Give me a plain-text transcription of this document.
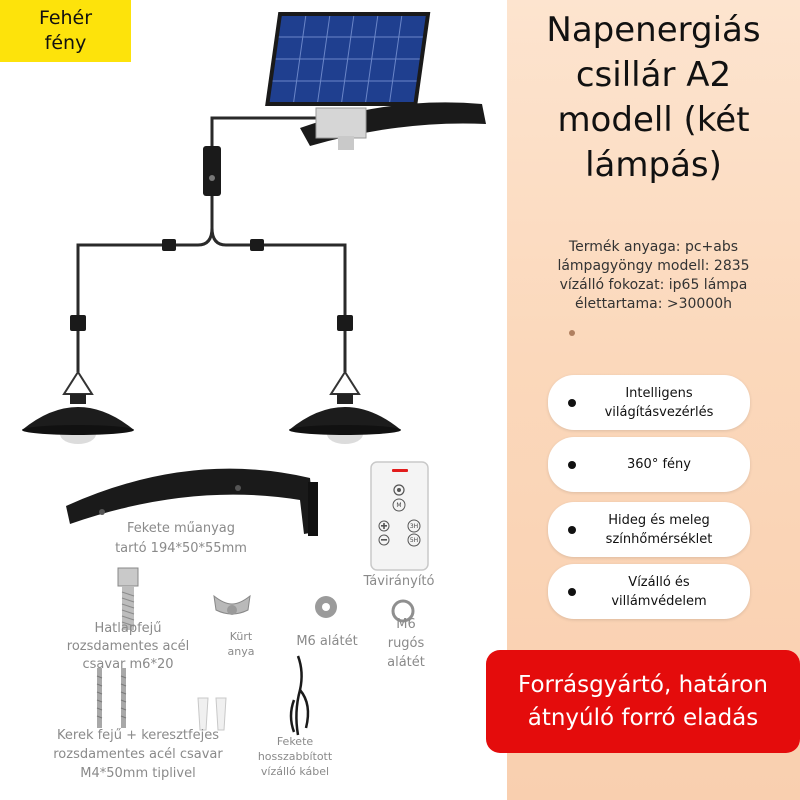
Napenergiás
csillár A2
modell (két
lámpás)
Termék anyaga: pc+abs
lámpagyöngy modell: 2835
vízálló fokozat: ip65 lámpa
élettartama: >30000h
Intelligens
világításvezérlés
360° fény
Hideg és meleg
színhőmérséklet
Vízálló és
villámvédelem
Forrásgyártó, határon
átnyúló forró eladás
Fehér
fény
M
3H
5H
Fekete műanyag
tartó 194*50*55mm
Távirányító
Hatlapfejű
rozsdamentes acél
csavar m6*20
Kürt
anya
M6 alátét
M6
rugós
alátét
Kerek fejű + keresztfejes
rozsdamentes acél csavar
M4*50mm tiplivel
Fekete
hosszabbított
vízálló kábel
